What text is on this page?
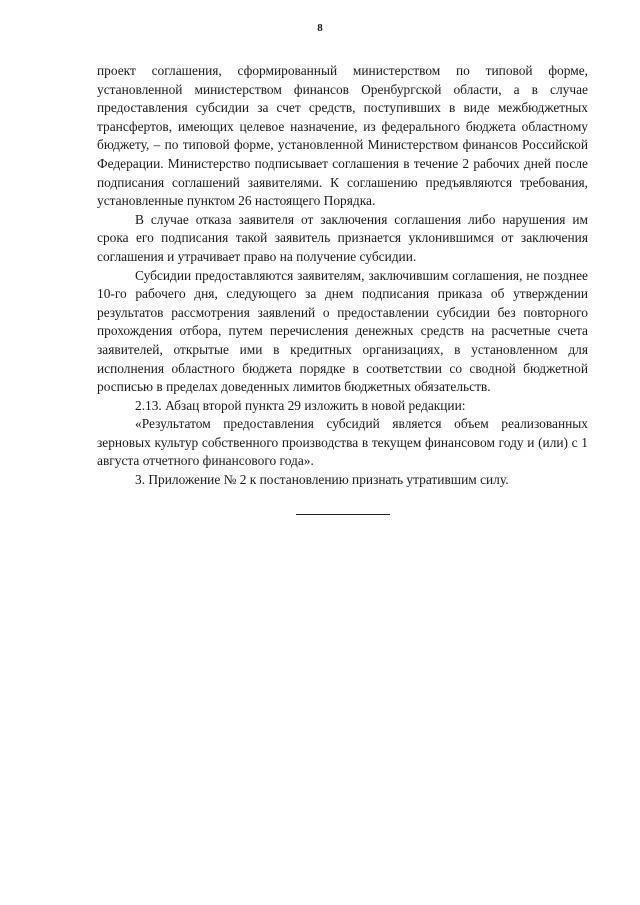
8

проект соглашения, сформированный министерством по типовой форме, установленной министерством финансов Оренбургской области, а в случае предоставления субсидии за счет средств, поступивших в виде межбюджетных трансфертов, имеющих целевое назначение, из федерального бюджета областному бюджету, – по типовой форме, установленной Министерством финансов Российской Федерации. Министерство подписывает соглашения в течение 2 рабочих дней после подписания соглашений заявителями. К соглашению предъявляются требования, установленные пунктом 26 настоящего Порядка.

В случае отказа заявителя от заключения соглашения либо нарушения им срока его подписания такой заявитель признается уклонившимся от заключения соглашения и утрачивает право на получение субсидии.

Субсидии предоставляются заявителям, заключившим соглашения, не позднее 10-го рабочего дня, следующего за днем подписания приказа об утверждении результатов рассмотрения заявлений о предоставлении субсидии без повторного прохождения отбора, путем перечисления денежных средств на расчетные счета заявителей, открытые ими в кредитных организациях, в установленном для исполнения областного бюджета порядке в соответствии со сводной бюджетной росписью в пределах доведенных лимитов бюджетных обязательств.

2.13. Абзац второй пункта 29 изложить в новой редакции:

«Результатом предоставления субсидий является объем реализованных зерновых культур собственного производства в текущем финансовом году и (или) с 1 августа отчетного финансового года».

3. Приложение № 2 к постановлению признать утратившим силу.
